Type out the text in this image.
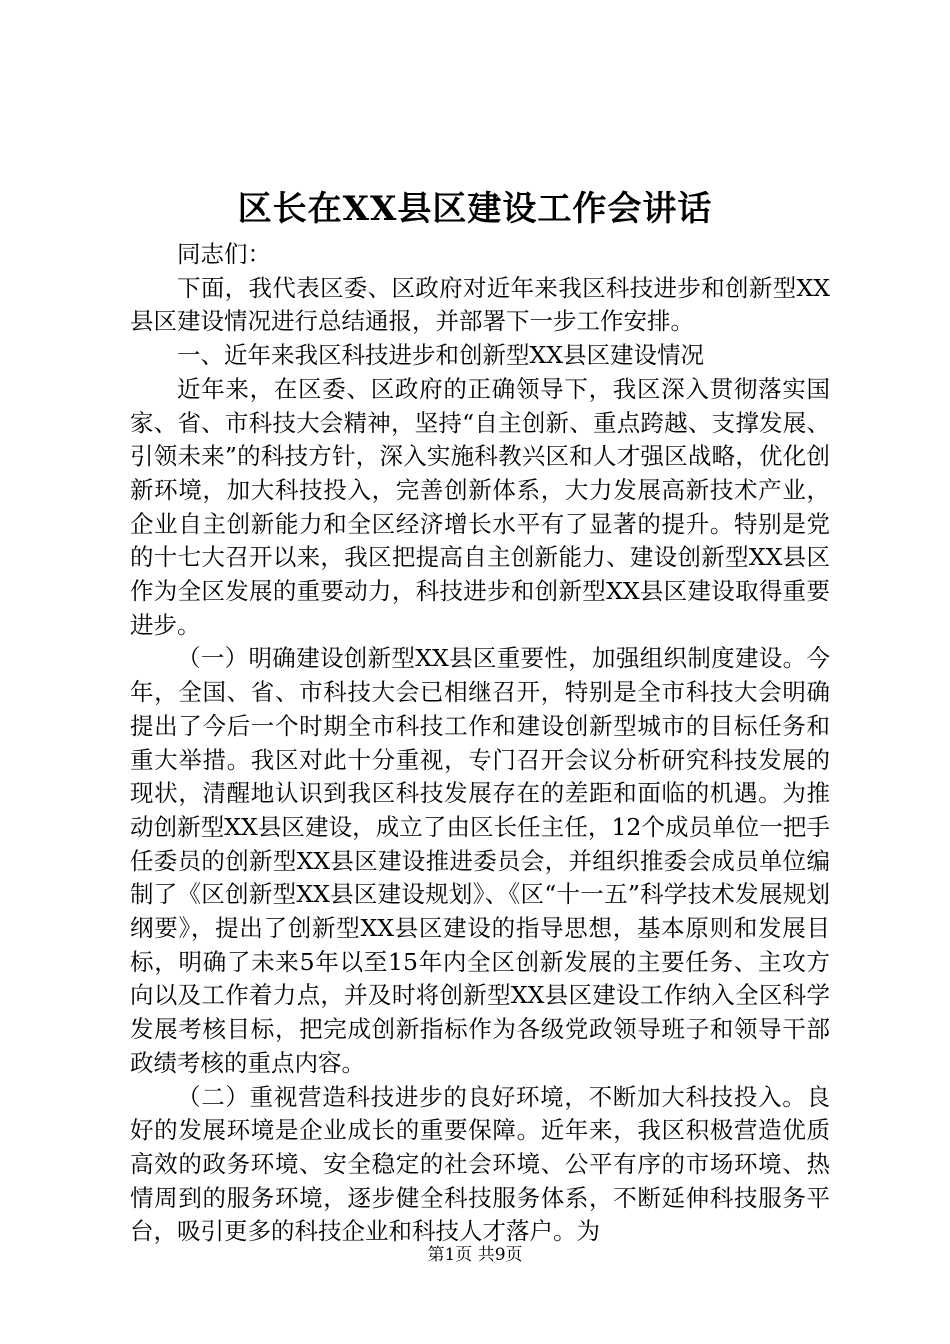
区长在XX县区建设工作会讲话

同志们：

下面，我代表区委、区政府对近年来我区科技进步和创新型XX县区建设情况进行总结通报，并部署下一步工作安排。

一、近年来我区科技进步和创新型XX县区建设情况

近年来，在区委、区政府的正确领导下，我区深入贯彻落实国家、省、市科技大会精神，坚持“自主创新、重点跨越、支撑发展、引领未来”的科技方针，深入实施科教兴区和人才强区战略，优化创新环境，加大科技投入，完善创新体系，大力发展高新技术产业，企业自主创新能力和全区经济增长水平有了显著的提升。特别是党的十七大召开以来，我区把提高自主创新能力、建设创新型XX县区作为全区发展的重要动力，科技进步和创新型XX县区建设取得重要进步。

（一）明确建设创新型XX县区重要性，加强组织制度建设。今年，全国、省、市科技大会已相继召开，特别是全市科技大会明确提出了今后一个时期全市科技工作和建设创新型城市的目标任务和重大举措。我区对此十分重视，专门召开会议分析研究科技发展的现状，清醒地认识到我区科技发展存在的差距和面临的机遇。为推动创新型XX县区建设，成立了由区长任主任，12个成员单位一把手任委员的创新型XX县区建设推进委员会，并组织推委会成员单位编制了《区创新型XX县区建设规划》、《区“十一五”科学技术发展规划纲要》，提出了创新型XX县区建设的指导思想，基本原则和发展目标，明确了未来5年以至15年内全区创新发展的主要任务、主攻方向以及工作着力点，并及时将创新型XX县区建设工作纳入全区科学发展考核目标，把完成创新指标作为各级党政领导班子和领导干部政绩考核的重点内容。

（二）重视营造科技进步的良好环境，不断加大科技投入。良好的发展环境是企业成长的重要保障。近年来，我区积极营造优质高效的政务环境、安全稳定的社会环境、公平有序的市场环境、热情周到的服务环境，逐步健全科技服务体系，不断延伸科技服务平台，吸引更多的科技企业和科技人才落户。为

第1页 共9页
